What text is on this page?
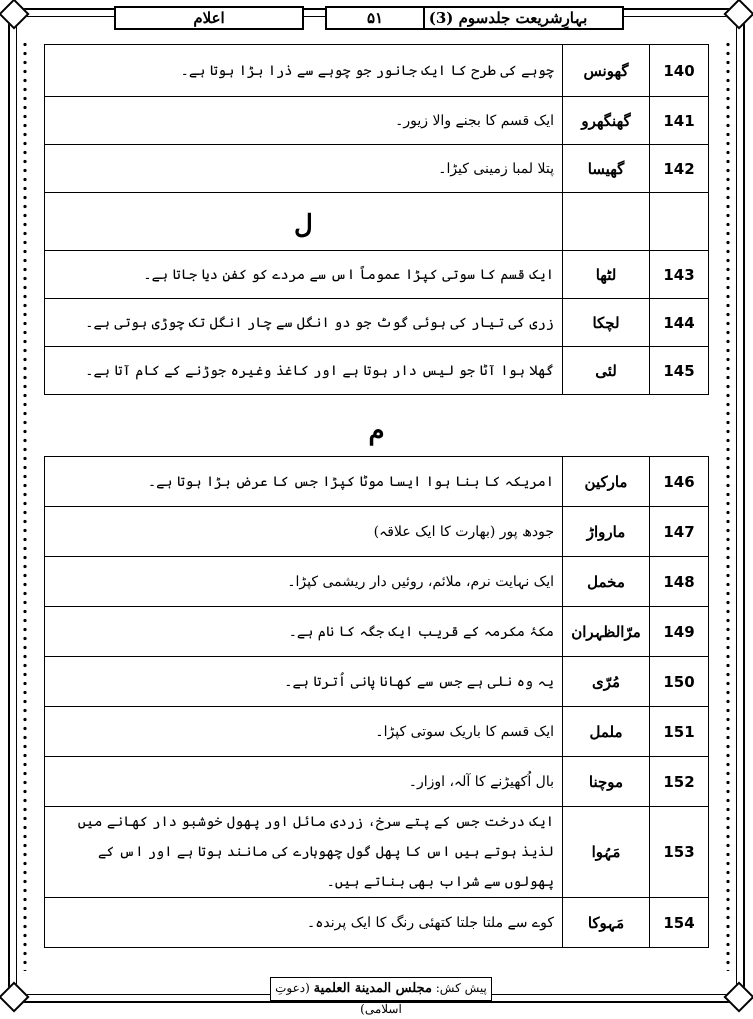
بہارِشریعت جلدسوم (3)
۵۱
اعلام
140	گھونس	چوہے کی طرح کا ایک جانور جو چوہے سے ذرا بڑا ہوتا ہے۔
141	گھنگھرو	ایک قسم کا بجنے والا زیور۔
142	گھیسا	پتلا لمبا زمینی کیڑا۔
		ل
143	لٹھا	ایک قسم کا سوتی کپڑا عموماً اس سے مردے کو کفن دیا جاتا ہے۔
144	لچکا	زری کی تیار کی ہوئی گوٹ جو دو انگل سے چار انگل تک چوڑی ہوتی ہے۔
145	لئی	گھلا ہوا آٹا جو لیس دار ہوتا ہے اور کاغذ وغیرہ جوڑنے کے کام آتا ہے۔
م
146	مارکین	امریکہ کا بنا ہوا ایسا موٹا کپڑا جس کا عرض بڑا ہوتا ہے۔
147	مارواڑ	جودھ پور (بھارت کا ایک علاقہ)
148	مخمل	ایک نہایت نرم، ملائم، روئیں دار ریشمی کپڑا۔
149	مرّالظہران	مکۂ مکرمہ کے قریب ایک جگہ کا نام ہے۔
150	مُرّی	یہ وہ نلی ہے جس سے کھانا پانی اُترتا ہے۔
151	ململ	ایک قسم کا باریک سوتی کپڑا۔
152	موچنا	بال اُکھیڑنے کا آلہ، اوزار۔
153	مَہُوا	ایک درخت جس کے پتے سرخ، زردی مائل اور پھول خوشبو دار کھانے میں لذیذ ہوتے ہیں اس کا پھل گول چھوہارے کی مانند ہوتا ہے اور اس کے پھولوں سے شراب بھی بناتے ہیں۔
154	مَہوکا	کوے سے ملتا جلتا کتھئی رنگ کا ایک پرندہ۔
پیش کش: مجلس المدینة العلمیة (دعوتِ اسلامی)
